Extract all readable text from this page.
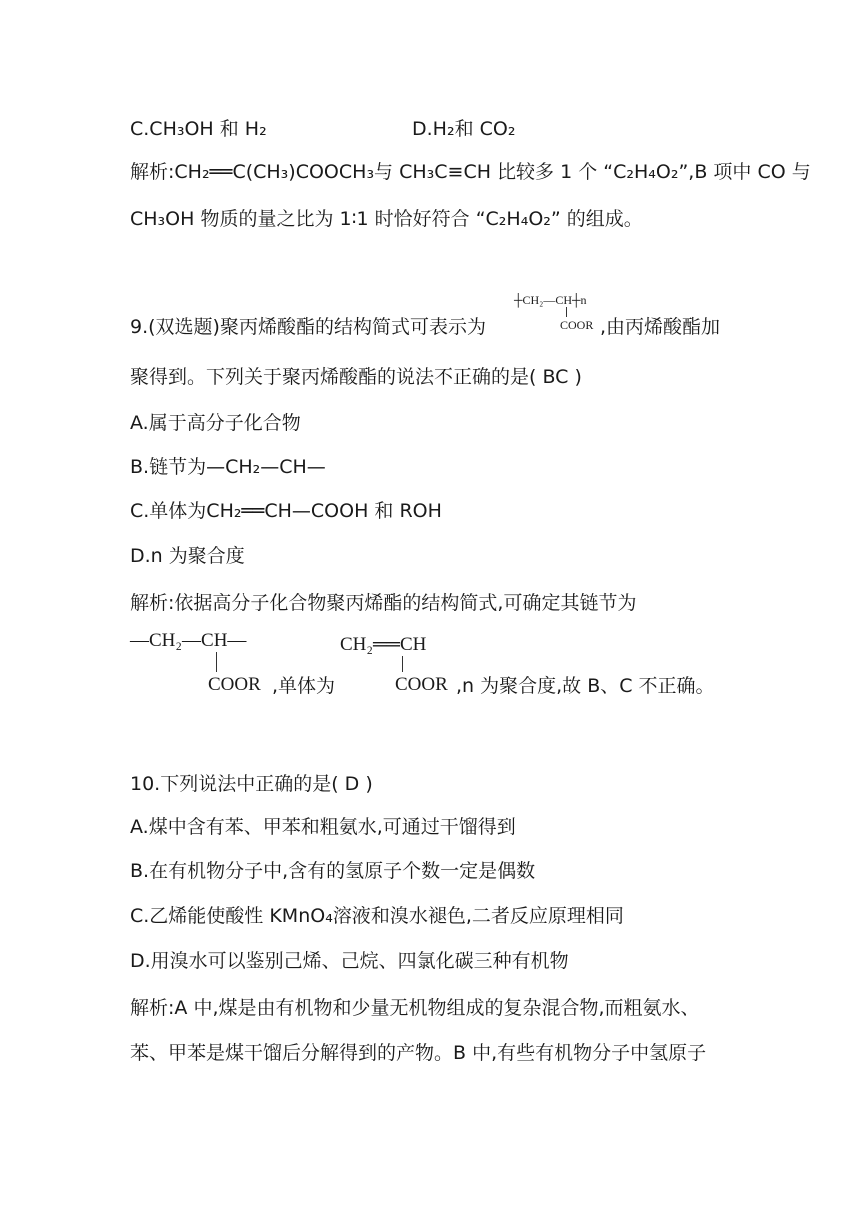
C.CH₃OH 和 H₂	D.H₂和 CO₂
解析:CH₂══C(CH₃)COOCH₃与 CH₃C≡CH 比较多 1 个 “C₂H₄O₂”,B 项中 CO 与
CH₃OH 物质的量之比为 1∶1 时恰好符合 “C₂H₄O₂” 的组成。
9.(双选题)聚丙烯酸酯的结构简式可表示为
┼CH₂—CH┼n
COOR ,由丙烯酸酯加
聚得到。下列关于聚丙烯酸酯的说法不正确的是( BC )
A.属于高分子化合物
B.链节为—CH₂—CH—
C.单体为CH₂══CH—COOH 和 ROH
D.n 为聚合度
解析:依据高分子化合物聚丙烯酯的结构简式,可确定其链节为
—CH₂—CH—
COOR ,单体为
CH₂══CH
COOR ,n 为聚合度,故 B、C 不正确。
10.下列说法中正确的是( D )
A.煤中含有苯、甲苯和粗氨水,可通过干馏得到
B.在有机物分子中,含有的氢原子个数一定是偶数
C.乙烯能使酸性 KMnO₄溶液和溴水褪色,二者反应原理相同
D.用溴水可以鉴别己烯、己烷、四氯化碳三种有机物
解析:A 中,煤是由有机物和少量无机物组成的复杂混合物,而粗氨水、
苯、甲苯是煤干馏后分解得到的产物。B 中,有些有机物分子中氢原子
